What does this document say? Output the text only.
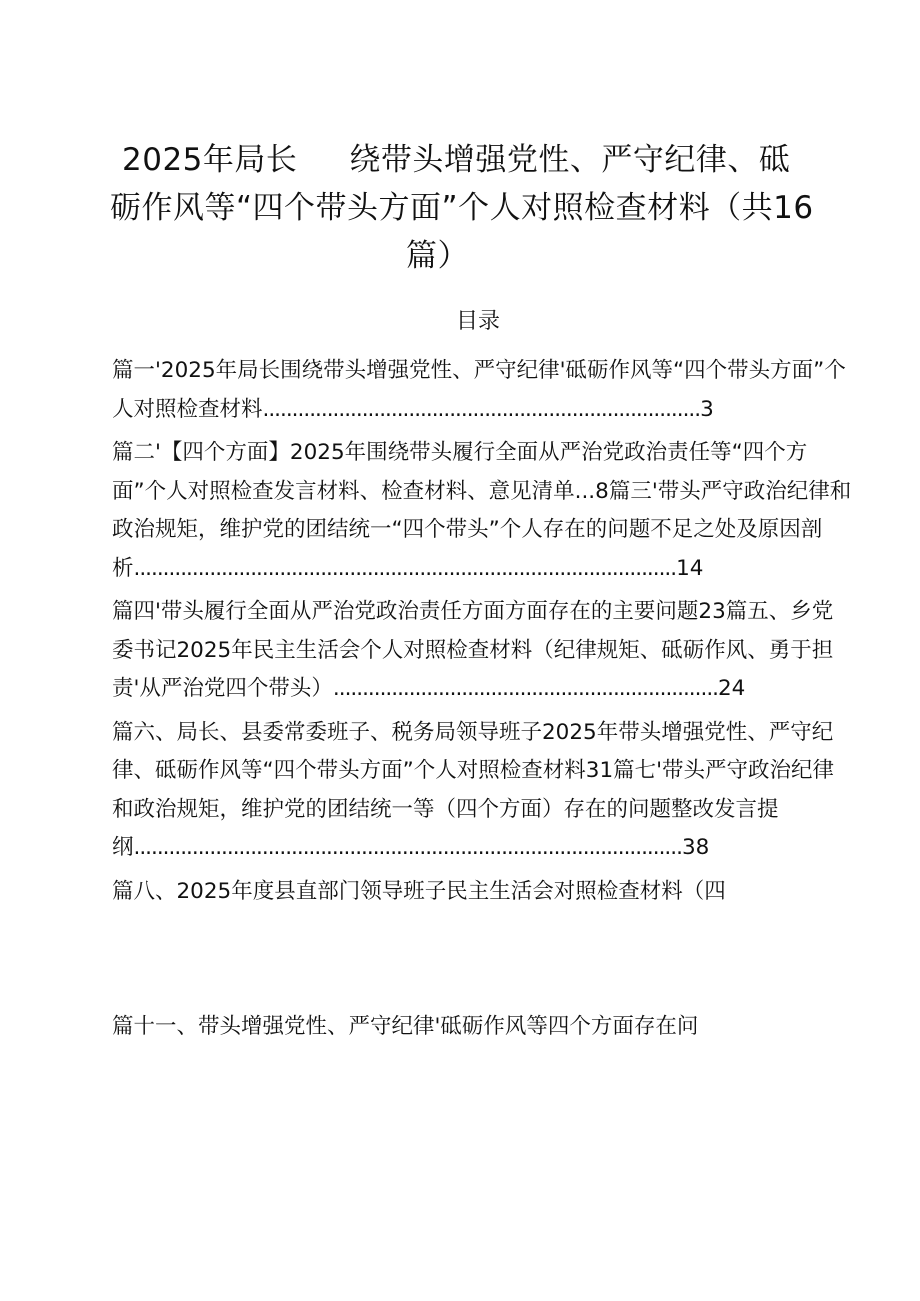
2025年局长 绕带头增强党性、严守纪律、砥
砺作风等“四个带头方面”个人对照检查材料（共16
篇）
目录

篇一'2025年局长围绕带头增强党性、严守纪律'砥砺作风等“四个带头方面”个人对照检查材料...........................................................................3

篇二'【四个方面】2025年围绕带头履行全面从严治党政治责任等“四个方面”个人对照检查发言材料、检查材料、意见清单...8篇三'带头严守政治纪律和政治规矩，维护党的团结统一“四个带头”个人存在的问题不足之处及原因剖析.............................................................................................14

篇四'带头履行全面从严治党政治责任方面方面存在的主要问题23篇五、乡党委书记2025年民主生活会个人对照检查材料（纪律规矩、砥砺作风、勇于担责'从严治党四个带头）..................................................................24

篇六、局长、县委常委班子、税务局领导班子2025年带头增强党性、严守纪律、砥砺作风等“四个带头方面”个人对照检查材料31篇七'带头严守政治纪律和政治规矩，维护党的团结统一等（四个方面）存在的问题整改发言提纲..............................................................................................38

篇八、2025年度县直部门领导班子民主生活会对照检查材料（四

篇十一、带头增强党性、严守纪律'砥砺作风等四个方面存在问
